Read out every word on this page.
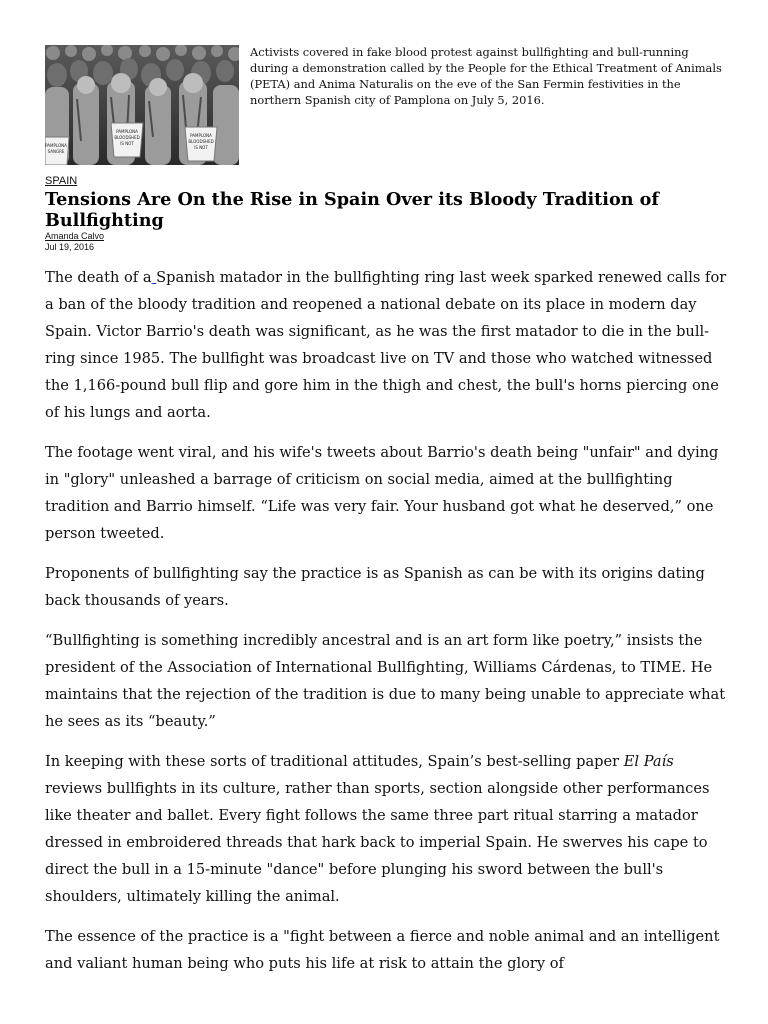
PAMPLONA
BLOODSHED
IS NOT
PAMPLONA
BLOODSHED
IS NOT
PAMPLONA
SANGRE
Activists covered in fake blood protest against bullfighting and bull-running during a demonstration called by the People for the Ethical Treatment of Animals (PETA) and Anima Naturalis on the eve of the San Fermin festivities in the northern Spanish city of Pamplona on July 5, 2016.
SPAIN
Tensions Are On the Rise in Spain Over its Bloody Tradition of Bullfighting
Amanda Calvo
Jul 19, 2016

The death of a Spanish matador in the bullfighting ring last week sparked renewed calls for a ban of the bloody tradition and reopened a national debate on its place in modern day Spain. Victor Barrio's death was significant, as he was the first matador to die in the bull-ring since 1985. The bullfight was broadcast live on TV and those who watched witnessed the 1,166-pound bull flip and gore him in the thigh and chest, the bull's horns piercing one of his lungs and aorta.

The footage went viral, and his wife's tweets about Barrio's death being "unfair" and dying in "glory" unleashed a barrage of criticism on social media, aimed at the bullfighting tradition and Barrio himself. “Life was very fair. Your husband got what he deserved,” one person tweeted.

Proponents of bullfighting say the practice is as Spanish as can be with its origins dating back thousands of years.

“Bullfighting is something incredibly ancestral and is an art form like poetry,” insists the president of the Association of International Bullfighting, Williams Cárdenas, to TIME. He maintains that the rejection of the tradition is due to many being unable to appreciate what he sees as its “beauty.”

In keeping with these sorts of traditional attitudes, Spain’s best-selling paper El País reviews bullfights in its culture, rather than sports, section alongside other performances like theater and ballet. Every fight follows the same three part ritual starring a matador dressed in embroidered threads that hark back to imperial Spain. He swerves his cape to direct the bull in a 15-minute "dance" before plunging his sword between the bull's shoulders, ultimately killing the animal.

The essence of the practice is a "fight between a fierce and noble animal and an intelligent and valiant human being who puts his life at risk to attain the glory of
